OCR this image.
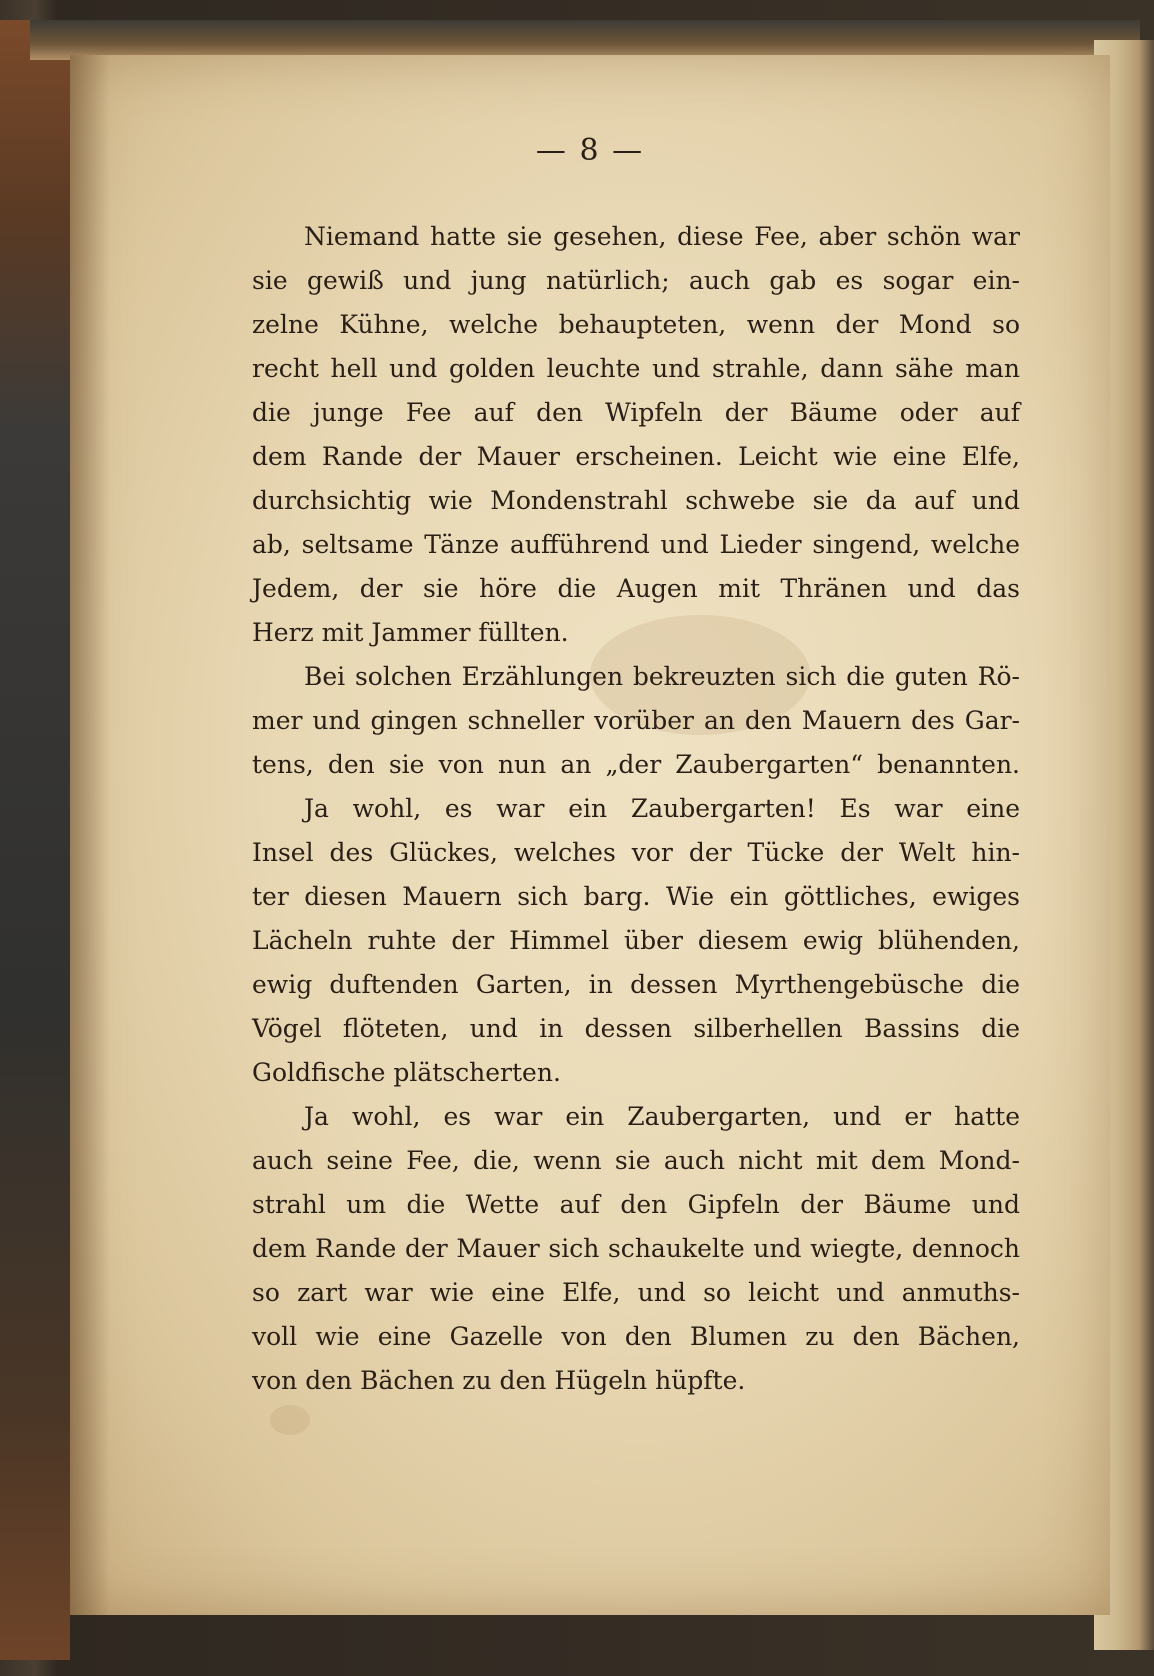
— 8 —
Niemand hatte sie gesehen, diese Fee, aber schön war
sie gewiß und jung natürlich; auch gab es sogar ein-
zelne Kühne, welche behaupteten, wenn der Mond so
recht hell und golden leuchte und strahle, dann sähe man
die junge Fee auf den Wipfeln der Bäume oder auf
dem Rande der Mauer erscheinen. Leicht wie eine Elfe,
durchsichtig wie Mondenstrahl schwebe sie da auf und
ab, seltsame Tänze aufführend und Lieder singend, welche
Jedem, der sie höre die Augen mit Thränen und das
Herz mit Jammer füllten.
Bei solchen Erzählungen bekreuzten sich die guten Rö-
mer und gingen schneller vorüber an den Mauern des Gar-
tens, den sie von nun an „der Zaubergarten“ benannten.
Ja wohl, es war ein Zaubergarten! Es war eine
Insel des Glückes, welches vor der Tücke der Welt hin-
ter diesen Mauern sich barg. Wie ein göttliches, ewiges
Lächeln ruhte der Himmel über diesem ewig blühenden,
ewig duftenden Garten, in dessen Myrthengebüsche die
Vögel flöteten, und in dessen silberhellen Bassins die
Goldfische plätscherten.
Ja wohl, es war ein Zaubergarten, und er hatte
auch seine Fee, die, wenn sie auch nicht mit dem Mond-
strahl um die Wette auf den Gipfeln der Bäume und
dem Rande der Mauer sich schaukelte und wiegte, dennoch
so zart war wie eine Elfe, und so leicht und anmuths-
voll wie eine Gazelle von den Blumen zu den Bächen,
von den Bächen zu den Hügeln hüpfte.
